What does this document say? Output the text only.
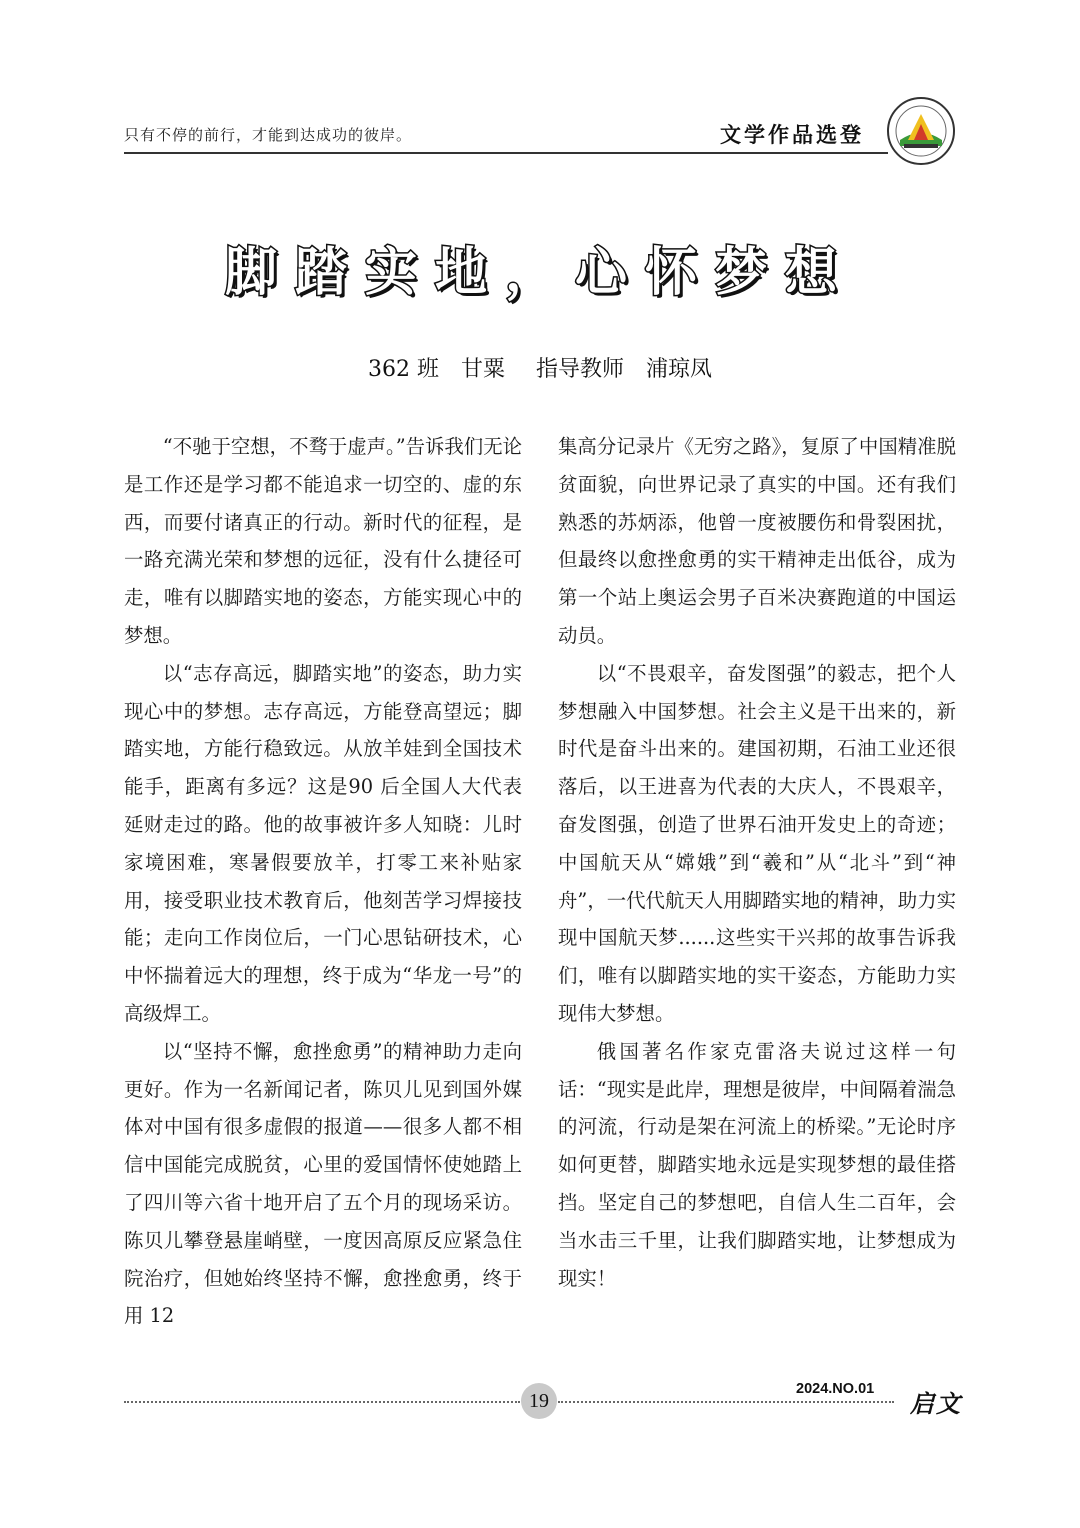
只有不停的前行，才能到达成功的彼岸。	文学作品选登
脚踏实地，心怀梦想
362 班　甘粟 指导教师　浦琼凤

“不驰于空想，不骛于虚声。”告诉我们无论是工作还是学习都不能追求一切空的、虚的东西，而要付诸真正的行动。新时代的征程，是一路充满光荣和梦想的远征，没有什么捷径可走，唯有以脚踏实地的姿态，方能实现心中的梦想。

以“志存高远，脚踏实地”的姿态，助力实现心中的梦想。志存高远，方能登高望远；脚踏实地，方能行稳致远。从放羊娃到全国技术能手，距离有多远？这是90 后全国人大代表延财走过的路。他的故事被许多人知晓：儿时家境困难，寒暑假要放羊，打零工来补贴家用，接受职业技术教育后，他刻苦学习焊接技能；走向工作岗位后，一门心思钻研技术，心中怀揣着远大的理想，终于成为“华龙一号”的高级焊工。

以“坚持不懈，愈挫愈勇”的精神助力走向更好。作为一名新闻记者，陈贝儿见到国外媒体对中国有很多虚假的报道——很多人都不相信中国能完成脱贫，心里的爱国情怀使她踏上了四川等六省十地开启了五个月的现场采访。陈贝儿攀登悬崖峭壁，一度因高原反应紧急住院治疗，但她始终坚持不懈，愈挫愈勇，终于用 12

集高分记录片《无穷之路》，复原了中国精准脱贫面貌，向世界记录了真实的中国。还有我们熟悉的苏炳添，他曾一度被腰伤和骨裂困扰，但最终以愈挫愈勇的实干精神走出低谷，成为第一个站上奥运会男子百米决赛跑道的中国运动员。

以“不畏艰辛，奋发图强”的毅志，把个人梦想融入中国梦想。社会主义是干出来的，新时代是奋斗出来的。建国初期，石油工业还很落后，以王进喜为代表的大庆人，不畏艰辛，奋发图强，创造了世界石油开发史上的奇迹；中国航天从“嫦娥”到“羲和”从“北斗”到“神舟”，一代代航天人用脚踏实地的精神，助力实现中国航天梦......这些实干兴邦的故事告诉我们，唯有以脚踏实地的实干姿态，方能助力实现伟大梦想。

俄国著名作家克雷洛夫说过这样一句话：“现实是此岸，理想是彼岸，中间隔着湍急的河流，行动是架在河流上的桥梁。”无论时序如何更替，脚踏实地永远是实现梦想的最佳搭挡。坚定自己的梦想吧，自信人生二百年，会当水击三千里，让我们脚踏实地，让梦想成为现实！

19
2024.NO.01 启文
